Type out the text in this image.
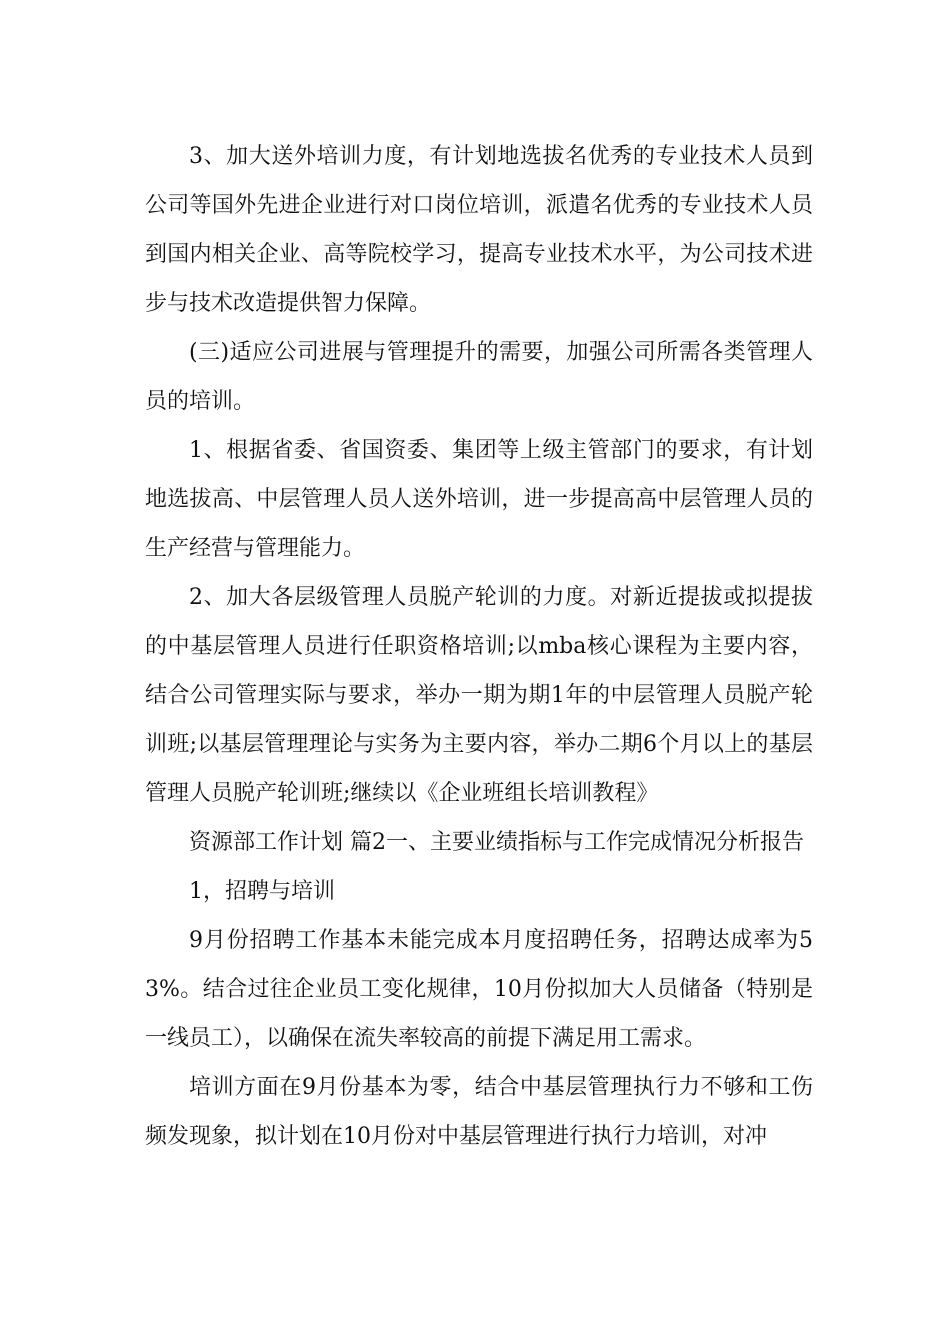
3、加大送外培训力度，有计划地选拔名优秀的专业技术人员到公司等国外先进企业进行对口岗位培训，派遣名优秀的专业技术人员到国内相关企业、高等院校学习，提高专业技术水平，为公司技术进步与技术改造提供智力保障。

(三)适应公司进展与管理提升的需要，加强公司所需各类管理人员的培训。

1、根据省委、省国资委、集团等上级主管部门的要求，有计划地选拔高、中层管理人员人送外培训，进一步提高高中层管理人员的生产经营与管理能力。

2、加大各层级管理人员脱产轮训的力度。对新近提拔或拟提拔的中基层管理人员进行任职资格培训;以mba核心课程为主要内容，结合公司管理实际与要求，举办一期为期1年的中层管理人员脱产轮训班;以基层管理理论与实务为主要内容，举办二期6个月以上的基层管理人员脱产轮训班;继续以《企业班组长培训教程》

资源部工作计划 篇2一、主要业绩指标与工作完成情况分析报告

1，招聘与培训

9月份招聘工作基本未能完成本月度招聘任务，招聘达成率为53%。结合过往企业员工变化规律，10月份拟加大人员储备（特别是一线员工），以确保在流失率较高的前提下满足用工需求。

培训方面在9月份基本为零，结合中基层管理执行力不够和工伤频发现象，拟计划在10月份对中基层管理进行执行力培训，对冲
